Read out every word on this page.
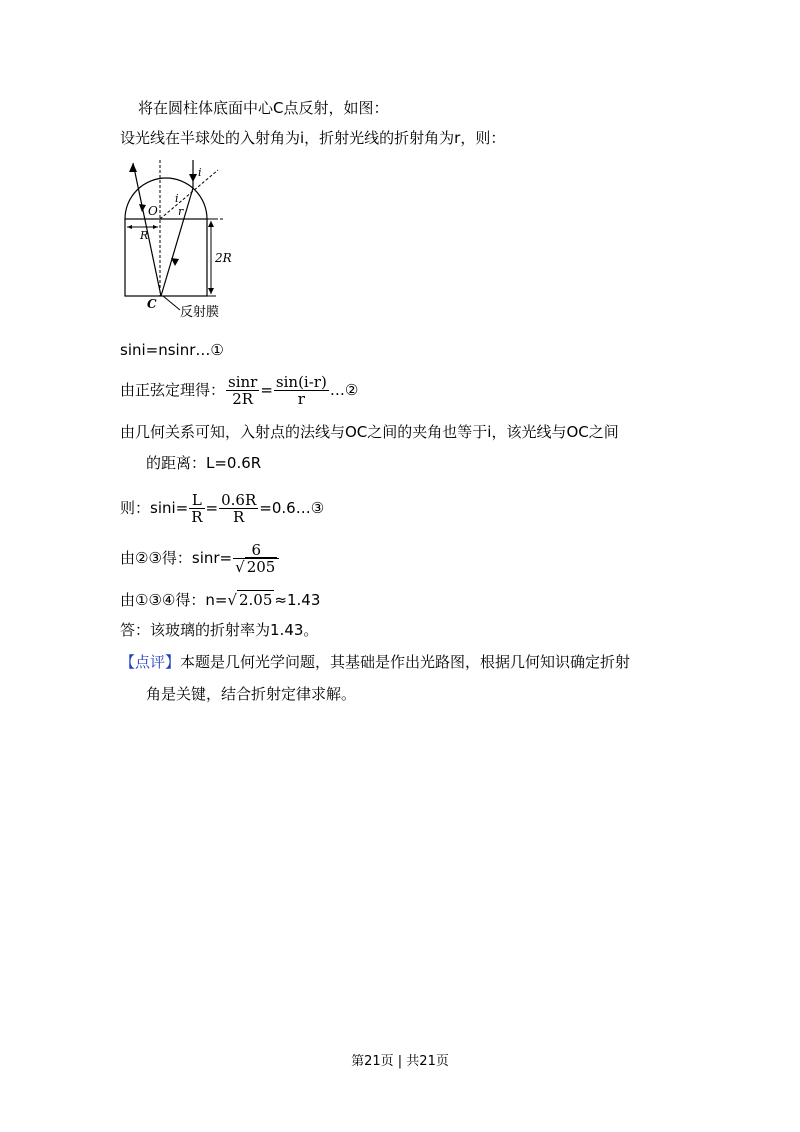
将在圆柱体底面中心C点反射，如图：
设光线在半球处的入射角为i，折射光线的折射角为r，则：
i
i
r
O
R
2R
C
反射膜
sini=nsinr…①
由正弦定理得： $\frac{\sin r}{2R} = \frac{\sin(i-r)}{r}$ …②
由几何关系可知，入射点的法线与OC之间的夹角也等于i，该光线与OC之间
的距离：L=0.6R
则：$\sin i= \frac{L}{R} = \frac{0.6R}{R}$ =0.6…③
由②③得：$\sin r= \frac{6}{√ 205}$
由①③④得：n=√ 2.05 ≈1.43
答：该玻璃的折射率为1.43。
【点评】本题是几何光学问题，其基础是作出光路图，根据几何知识确定折射
角是关键，结合折射定律求解。
第21页 | 共21页
